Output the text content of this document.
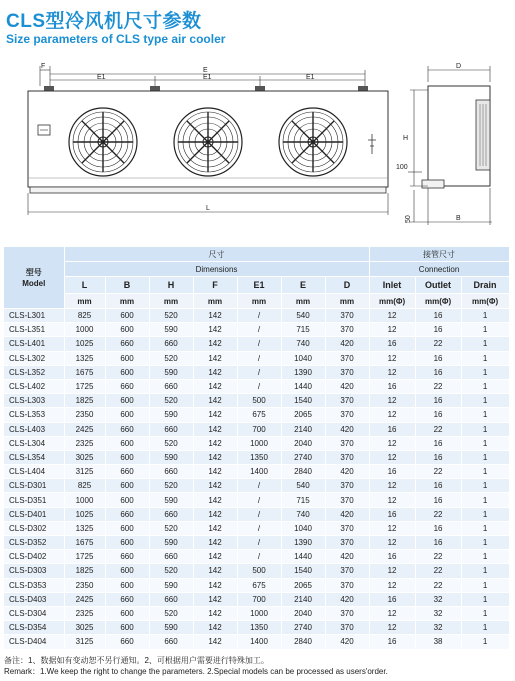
CLS型冷风机尺寸参数
Size parameters of CLS type air cooler
F
E1
E
E1	E1
L
D
H
100
B
50
型号
Model	尺寸							接管尺寸		
	Dimensions							Connection		
	L	B	H	F	E1	E	D	Inlet	Outlet	Drain
	mm	mm	mm	mm	mm	mm	mm	mm(Φ)	mm(Φ)	mm(Φ)
CLS-L301	825	600	520	142	/	540	370	12	16	1
CLS-L351	1000	600	590	142	/	715	370	12	16	1
CLS-L401	1025	660	660	142	/	740	420	16	22	1
CLS-L302	1325	600	520	142	/	1040	370	12	16	1
CLS-L352	1675	600	590	142	/	1390	370	12	16	1
CLS-L402	1725	660	660	142	/	1440	420	16	22	1
CLS-L303	1825	600	520	142	500	1540	370	12	16	1
CLS-L353	2350	600	590	142	675	2065	370	12	16	1
CLS-L403	2425	660	660	142	700	2140	420	16	22	1
CLS-L304	2325	600	520	142	1000	2040	370	12	16	1
CLS-L354	3025	600	590	142	1350	2740	370	12	16	1
CLS-L404	3125	660	660	142	1400	2840	420	16	22	1
CLS-D301	825	600	520	142	/	540	370	12	16	1
CLS-D351	1000	600	590	142	/	715	370	12	16	1
CLS-D401	1025	660	660	142	/	740	420	16	22	1
CLS-D302	1325	600	520	142	/	1040	370	12	16	1
CLS-D352	1675	600	590	142	/	1390	370	12	16	1
CLS-D402	1725	660	660	142	/	1440	420	16	22	1
CLS-D303	1825	600	520	142	500	1540	370	12	22	1
CLS-D353	2350	600	590	142	675	2065	370	12	22	1
CLS-D403	2425	660	660	142	700	2140	420	16	32	1
CLS-D304	2325	600	520	142	1000	2040	370	12	32	1
CLS-D354	3025	600	590	142	1350	2740	370	12	32	1
CLS-D404	3125	660	660	142	1400	2840	420	16	38	1
备注：1、数据如有变动恕不另行通知。2、可根据用户需要进行特殊加工。
Remark：1.We keep the right to change the parameters. 2.Special models can be processed as users'order.
